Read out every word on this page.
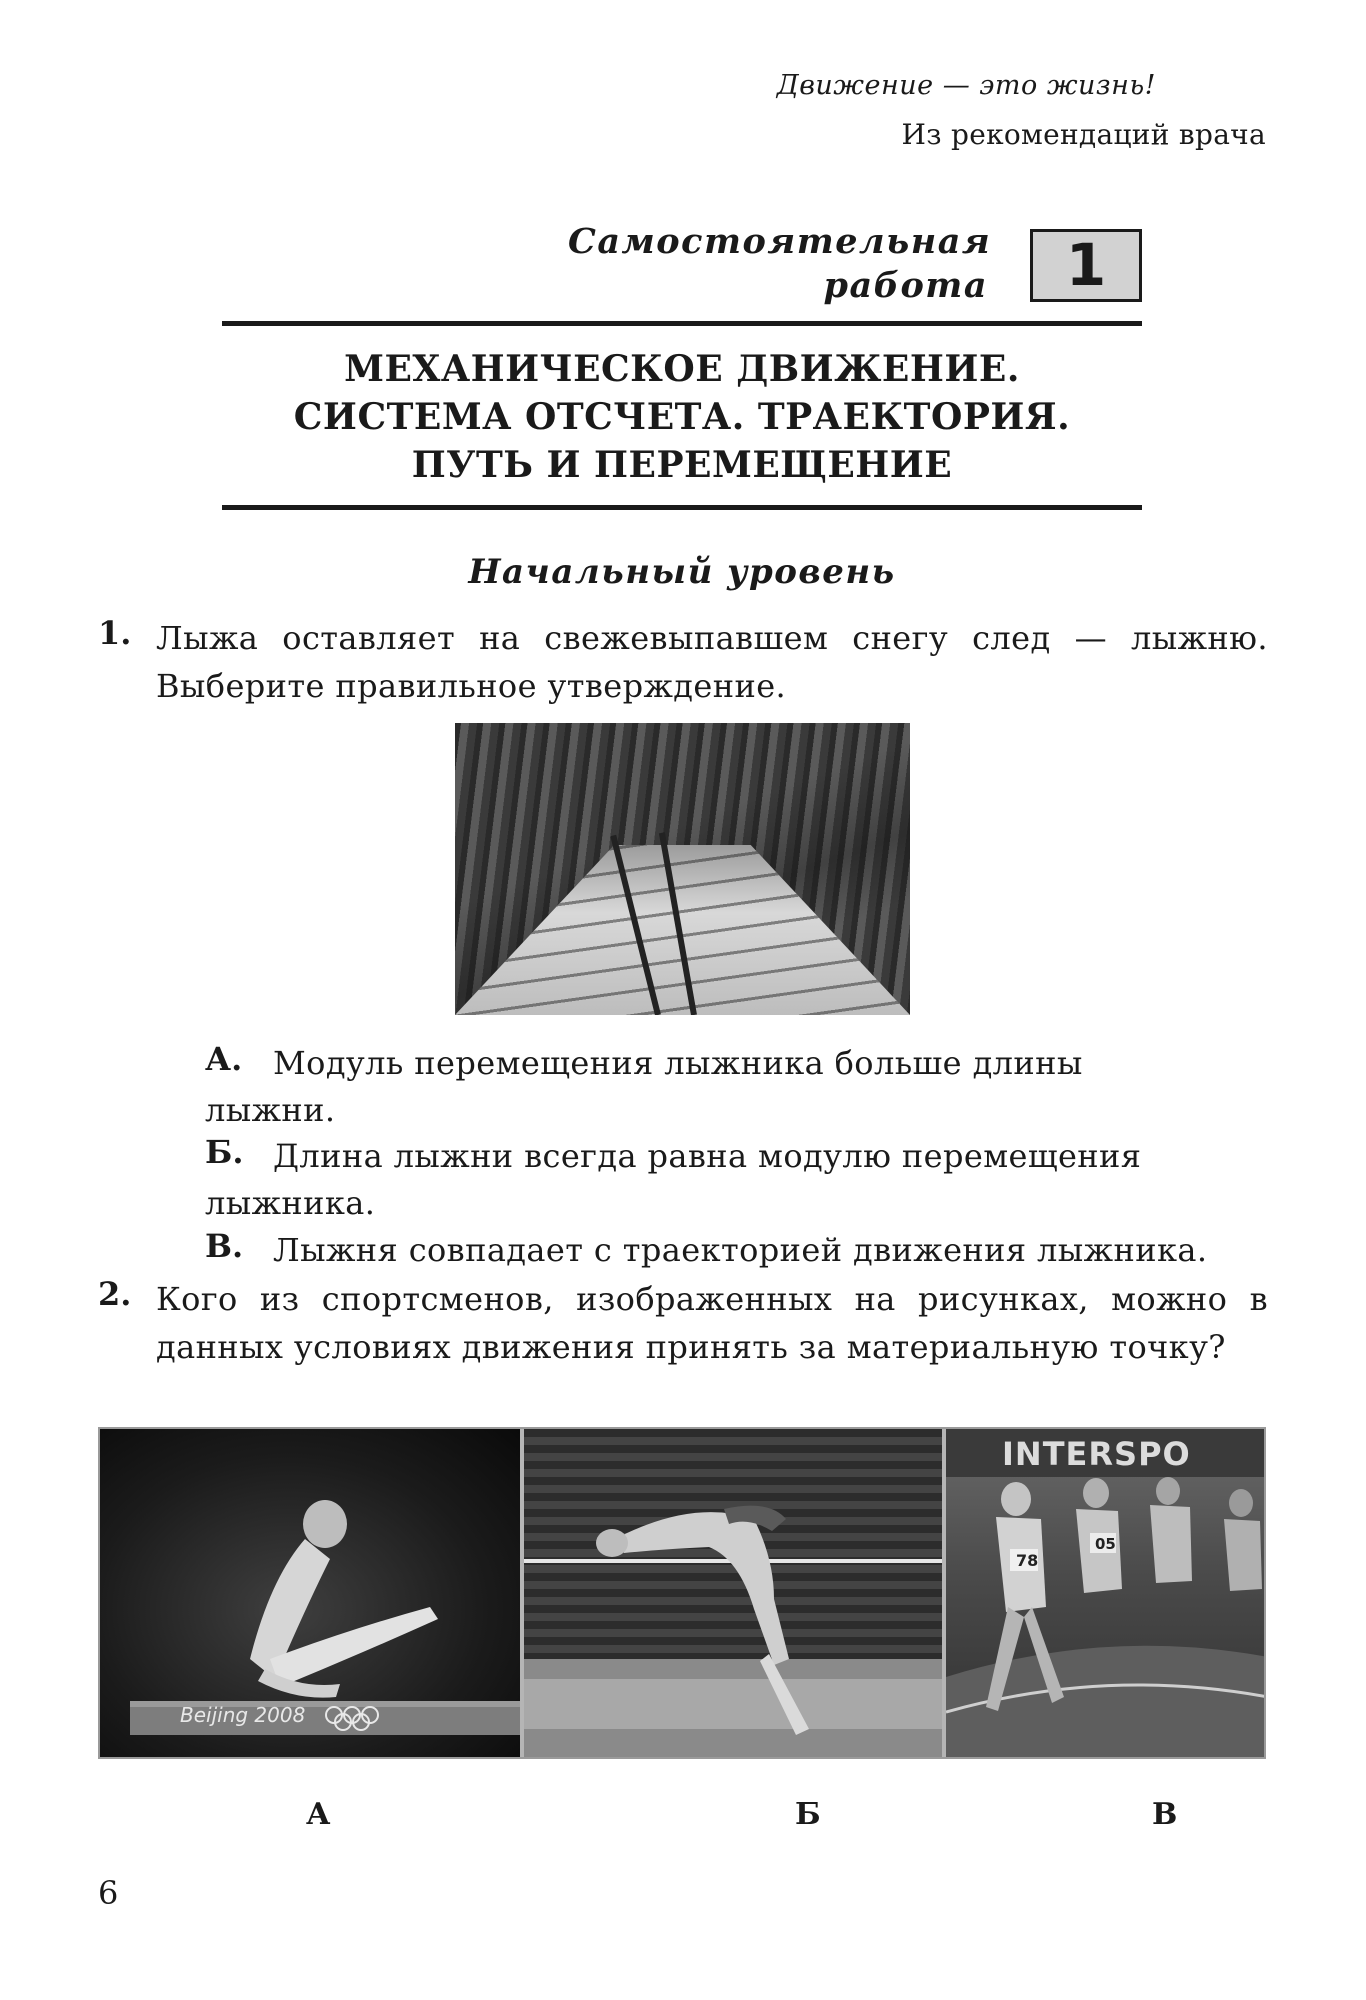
Движение — это жизнь!
Из рекомендаций врача
Самостоятельная
работа	1
МЕХАНИЧЕСКОЕ ДВИЖЕНИЕ.
СИСТЕМА ОТСЧЕТА. ТРАЕКТОРИЯ.
ПУТЬ И ПЕРЕМЕЩЕНИЕ
Начальный уровень
1. Лыжа оставляет на свежевыпавшем снегу след — лыжню. Выберите правильное утверждение.
А. Модуль перемещения лыжника больше длины лыжни.
Б. Длина лыжни всегда равна модулю перемещения лыжника.
В. Лыжня совпадает с траекторией движения лыжника.
2. Кого из спортсменов, изображенных на рисунках, можно в данных условиях движения принять за материальную точку?
Beijing 2008
INTERSPO
78
05
А	Б	В
6
